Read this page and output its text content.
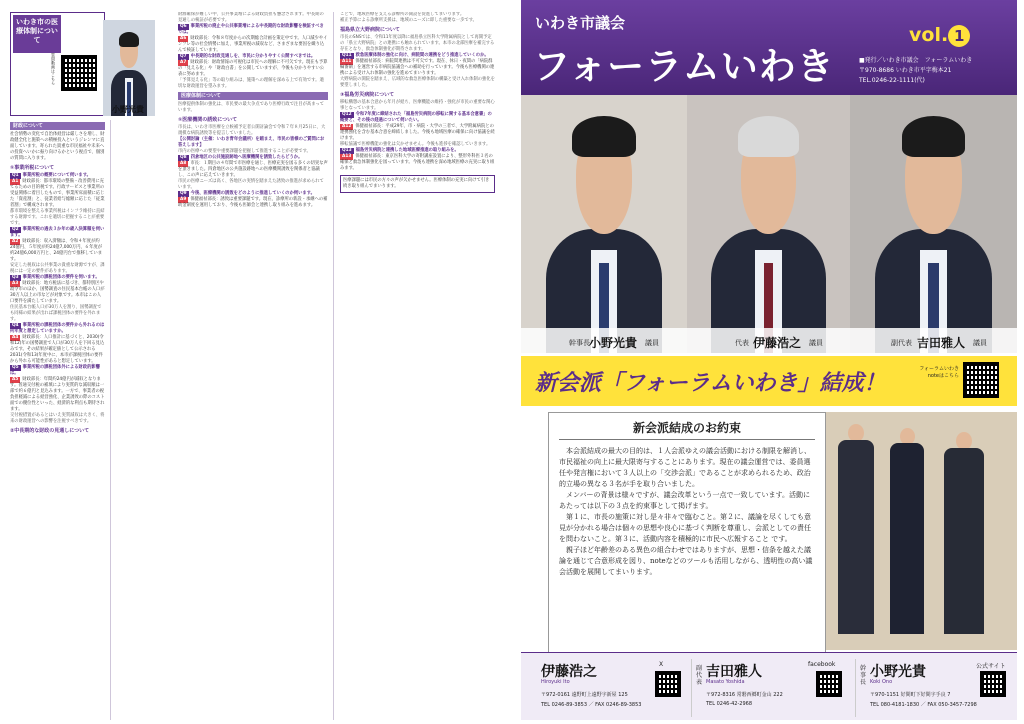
いわき市の医療体制について
質問動画はこちら
小野光貴
財政について
社会情勢の変化で自治体経営は厳しさを増し、財政健全化と施策への積極投入というジレンマに直面しています。寄られた貴重な市民福祉や未来への投資へいかに振り向けるかという視点で、個別の質問に入ります。
①事業所税について
Q1 事業所税の概要について伺います。
A1 財政部長：都市環境の整備・改善費用に充てるための目的税です。行政サービスと事業所の受益関係に着目したもので、事業所床面積に応じた「資産割」と、従業者給与総額に応じた「従業者割」で構成されます。
都市環境を整える事業所税はインフラ維持に直結する財源です。これを適切に把握することが重要です。
Q2 事業所税の過去３か年の歳入決算額を伺います。
A2 財政部長：収入済額は、令和４年度が約24億円、５年度が約24億7,000万円、６年度が約24億6,000万円と、24億円台で推移しています。
安定した税収は公共事業の貴重な財源ですが、課税には一定の要件があります。
Q3 事業所税の課税団体の要件を伺います。
A3 財政部長：地方税法に基づき、都特別区や政令市のほか、国勢調査の住民基本台帳の人口が30万人以上の市などが対象です。本市はこの人口要件を満たしています。
住民基本台帳人口が30万人を割り、国勢調査でも同様の結果が出れば課税団体の要件を外れます。
Q4 事業所税の課税団体の要件から外れるのは何年度と想定していますか。
A4 財政部長：人口推計に基づくと、2030(令和12)年の国勢調査で人口が30万人を下回る見込みです。その結果が確定値として公示される2031(令和13)年度中に、本市が課税団体の要件から外れる可能性があると想定しています。
Q5 事業所税の課税団体外による財政的影響は。
A5 財政部長：年間約24億円が減収となります。普通交付税の補填により実質的な減収額は一部で約６億円と見込みます。一方で、事業者の税負担軽減による経営強化、企業誘致の際のコスト面での優位性といった、経済的な利点も期待されます。
交付税措置があるとはいえ実質減収は大きく、将来の財政運営への影響を注視すべきです。
②中長期的な財政の見通しについて
財源確保が難しい中、公共事業増による財政負担も懸念されます。中長期の見通しの検証が必要です。
Q6 事業所税の廃止や公共事業増による中長期的な財政影響を検証すべきでは。
A6 財政部長：令和８年度からの次期総合計画を策定中です。人口減少やインフレ等の社会情勢に加え、事業所税の減収など、さまざまな要因を織り込んで検証しています。
Q7 中長期的な財政見通しを、市民に分かりやすく公開すべきでは。
A7 財政部長：財政情報の可視化は市民への理解に不可欠です。現在も予算の「見える化」や「財政白書」を公開していますが、今後も分かりやすい公表に努めます。
「予算見える化」等の取り組みは、施策への理解を深める上で有効です。適切な財政運営を望みます。
医療体制について
医療提供体制の強化は、市民要の最大争点であり医療行政で注目が高まっています。
①医療機関の誘致について
市長は、いわき市医療を立候補予定者公開討論会で令和７年８月25日に、大規模な病院誘致等を提言していました。
【公開討論（主催：いわき青年会議所）を踏まえ、市民の皆様のご質問にお答えします】
市内の医療への要望や重要課題を把握して推進することが必要です。
Q8 四倉地区の公共施設跡地へ医療機関を誘致したらどうか。
A8 市長：１期目の４年間で市医療を通じ、医療充実を図る多くの切実な声を頂きました。四倉地区の公共施設跡地への医療機関誘致を関係者と協議し、この声に応えていきます。
市民の医療ニーズは高く、各地区の実情を踏まえた誘致の推進が求められています。
Q9 今後、医療機関の誘致をどのように推進していくのか伺います。
A9 保健福祉部長：誘致は重要課題です。現在、診療所の新設・承継への補助金制度を運用しており、今後も医師会と連携し取り組みを進めます。
ことで、地域医療を支える診療所の開設を促進してまいります。
補正予算による診療所支援は、地域のニーズに即した重要な一歩です。
福島県立大野病院について
市長のSNSでは、令和11年度以降に福島県立医科大学附属病院として再開予定の「県立大野病院」との連携にも触れられています。本市の北部医療を補完する存在となり、救急体制強化が期待されます。
Q11 救急医療体制の強化に向け、病院間の連携をどう推進していくのか。
A11 保健福祉部長：病院間連携は不可欠です。現在、休日・夜間の「病院群輪番制」を運営する市病院協議会への補助を行っています。今後も医療機関の連携による受け入れ体制の強化を進めてまいります。
大野病院の開院を踏まえ、広域的な救急医療体制の構築と受け入れ体制の強化を要望しました。
③福島労災病院について
移転構想の基本合意から年月が経ち、医療機能の維持・強化が市民の重要な関心事となっています。
Q12 令和7年度に締結された「福島労災病院の移転に関する基本合意書」の概要と、その後の経過について伺いたい。
A12 保健福祉部長：平成29年、市・病院・大学の三者で、大学附属病院との連携強化を含む基本合意を締結しました。今後も地域医療の確保に向け協議を続けます。
移転協議で医療機能の強化は欠かせません。今後も進捗を確認していきます。
Q13 福島労災病院と連携した地域医療推進の取り組みを。
A13 保健福祉部長：東京医科大学の寄附講座設置により、整形外科医３名の確保と救急体制強化を図っています。今後も連携を深め地域医療の充実に取り組みます。
医療課題には市民の方々の声が欠かせません。医療体制の充実に向けて引き続き取り組んでまいります。
いわき市議会
フォーラムいわき
vol. 1
■発行／いわき市議会　フォーラムいわき
〒970-8686 いわき市平字梅本21
TEL.0246-22-1111(代)
幹事長 小野光貴 議員	代表 伊藤浩之 議員	副代表 吉田雅人 議員
新会派「フォーラムいわき」結成！
フォーラムいわき noteはこちら
新会派結成のお約束
本会派結成の最大の目的は、１人会派ゆえの議会活動における制限を解消し、市民福祉の向上に最大限寄与することにあります。現在の議会運営では、委員選任や発言権において３人以上の「交渉会派」であることが求められるため、政治的立場の異なる３名が手を取り合いました。
メンバーの背景は様々ですが、議会改革という一点で一致しています。活動にあたっては以下の３点を約束事として掲げます。
第１に、市長の施策に対し是々非々で臨むこと。第２に、議論を尽くしても意見が分かれる場合は個々の思想や良心に基づく判断を尊重し、会派としての責任を問わないこと。第３に、活動内容を積極的に市民へ広報すること です。
親子ほど年齢差のある異色の組合わせではありますが、思想・信条を越えた議論を通じて合意形成を図り、noteなどのツールも活用しながら、透明性の高い議会活動を展開してまいります。
伊藤浩之
Hiroyuki Ito
〒972-0161 遠野町上遠野字新屋 125
TEL 0246-89-3853 ／ FAX 0246-89-3853
X
副代表
吉田雅人
Masato Yoshida
〒972-8316 常磐西郷町金山 222
TEL 0246-42-2968
facebook
幹事長
小野光貴
Koki Ono
〒970-1151 好間町下好間字手良 7
TEL 080-4181-1830 ／ FAX 050-3457-7298
公式サイト
